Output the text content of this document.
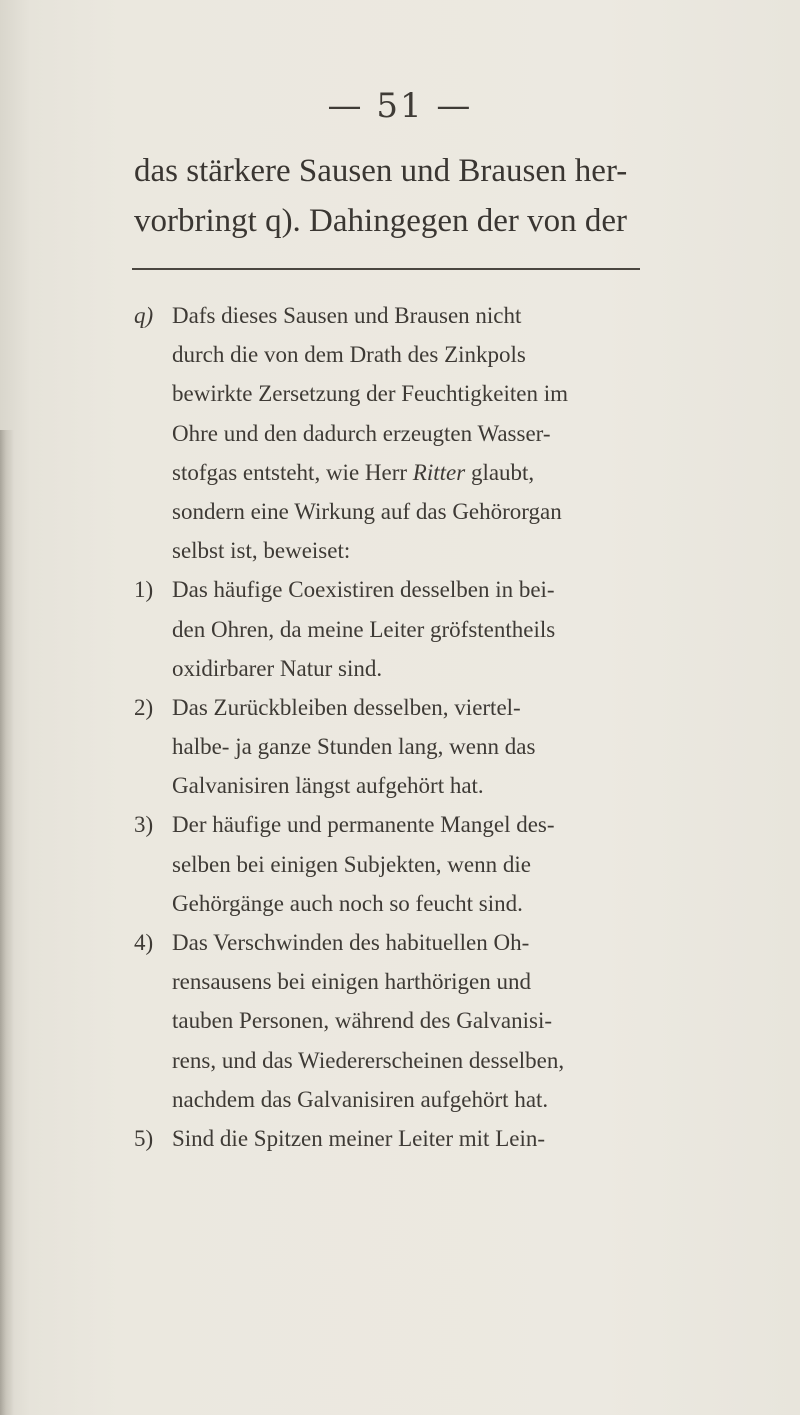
— 51 —
das stärkere Sausen und Brausen her-
vorbringt q). Dahingegen der von der
q) Dafs dieses Sausen und Brausen nicht
durch die von dem Drath des Zinkpols
bewirkte Zersetzung der Feuchtigkeiten im
Ohre und den dadurch erzeugten Wasser-
stofgas entsteht, wie Herr Ritter glaubt,
sondern eine Wirkung auf das Gehörorgan
selbst ist, beweiset:
1) Das häufige Coexistiren desselben in bei-
den Ohren, da meine Leiter gröfstentheils
oxidirbarer Natur sind.
2) Das Zurückbleiben desselben, viertel-
halbe- ja ganze Stunden lang, wenn das
Galvanisiren längst aufgehört hat.
3) Der häufige und permanente Mangel des-
selben bei einigen Subjekten, wenn die
Gehörgänge auch noch so feucht sind.
4) Das Verschwinden des habituellen Oh-
rensausens bei einigen harthörigen und
tauben Personen, während des Galvanisi-
rens, und das Wiedererscheinen desselben,
nachdem das Galvanisiren aufgehört hat.
5) Sind die Spitzen meiner Leiter mit Lein-
